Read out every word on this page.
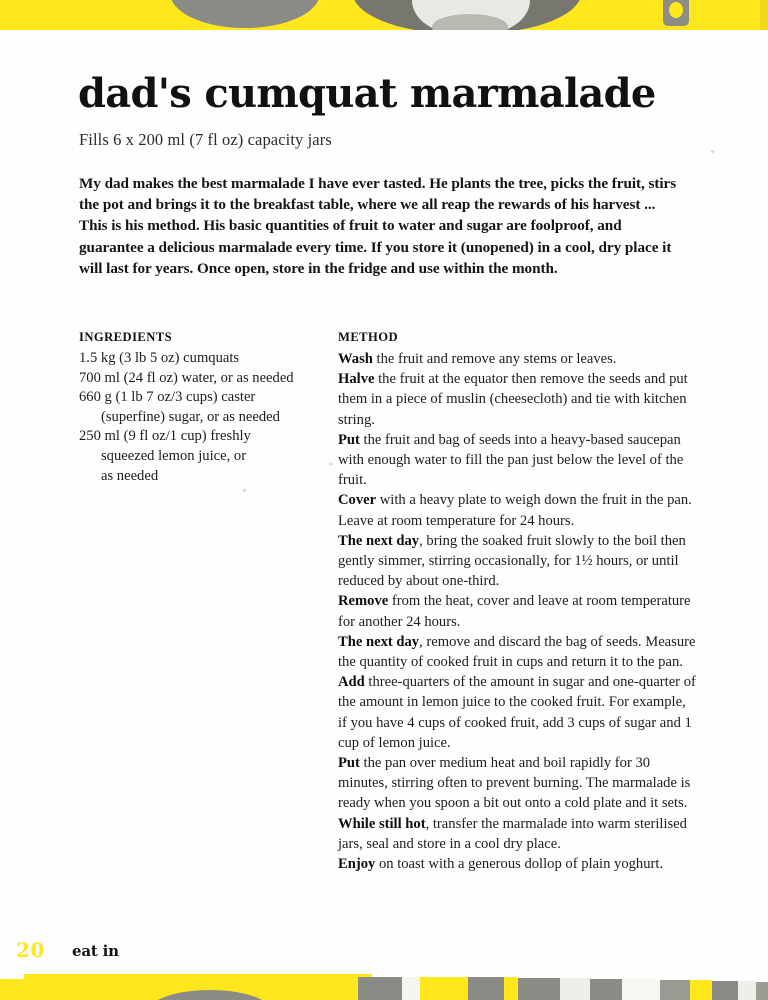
dad's cumquat marmalade

Fills 6 x 200 ml (7 fl oz) capacity jars

My dad makes the best marmalade I have ever tasted. He plants the tree, picks the fruit, stirs the pot and brings it to the breakfast table, where we all reap the rewards of his harvest ... This is his method. His basic quantities of fruit to water and sugar are foolproof, and guarantee a delicious marmalade every time. If you store it (unopened) in a cool, dry place it will last for years. Once open, store in the fridge and use within the month.

INGREDIENTS
1.5 kg (3 lb 5 oz) cumquats
700 ml (24 fl oz) water, or as needed
660 g (1 lb 7 oz/3 cups) caster
(superfine) sugar, or as needed
250 ml (9 fl oz/1 cup) freshly
squeezed lemon juice, or
as needed
METHOD

Wash the fruit and remove any stems or leaves.

Halve the fruit at the equator then remove the seeds and put them in a piece of muslin (cheesecloth) and tie with kitchen string.

Put the fruit and bag of seeds into a heavy-based saucepan with enough water to fill the pan just below the level of the fruit.

Cover with a heavy plate to weigh down the fruit in the pan. Leave at room temperature for 24 hours.

The next day, bring the soaked fruit slowly to the boil then gently simmer, stirring occasionally, for 1½ hours, or until reduced by about one-third.

Remove from the heat, cover and leave at room temperature for another 24 hours.

The next day, remove and discard the bag of seeds. Measure the quantity of cooked fruit in cups and return it to the pan.

Add three-quarters of the amount in sugar and one-quarter of the amount in lemon juice to the cooked fruit. For example, if you have 4 cups of cooked fruit, add 3 cups of sugar and 1 cup of lemon juice.

Put the pan over medium heat and boil rapidly for 30 minutes, stirring often to prevent burning. The marmalade is ready when you spoon a bit out onto a cold plate and it sets.

While still hot, transfer the marmalade into warm sterilised jars, seal and store in a cool dry place.

Enjoy on toast with a generous dollop of plain yoghurt.

20 eat in
